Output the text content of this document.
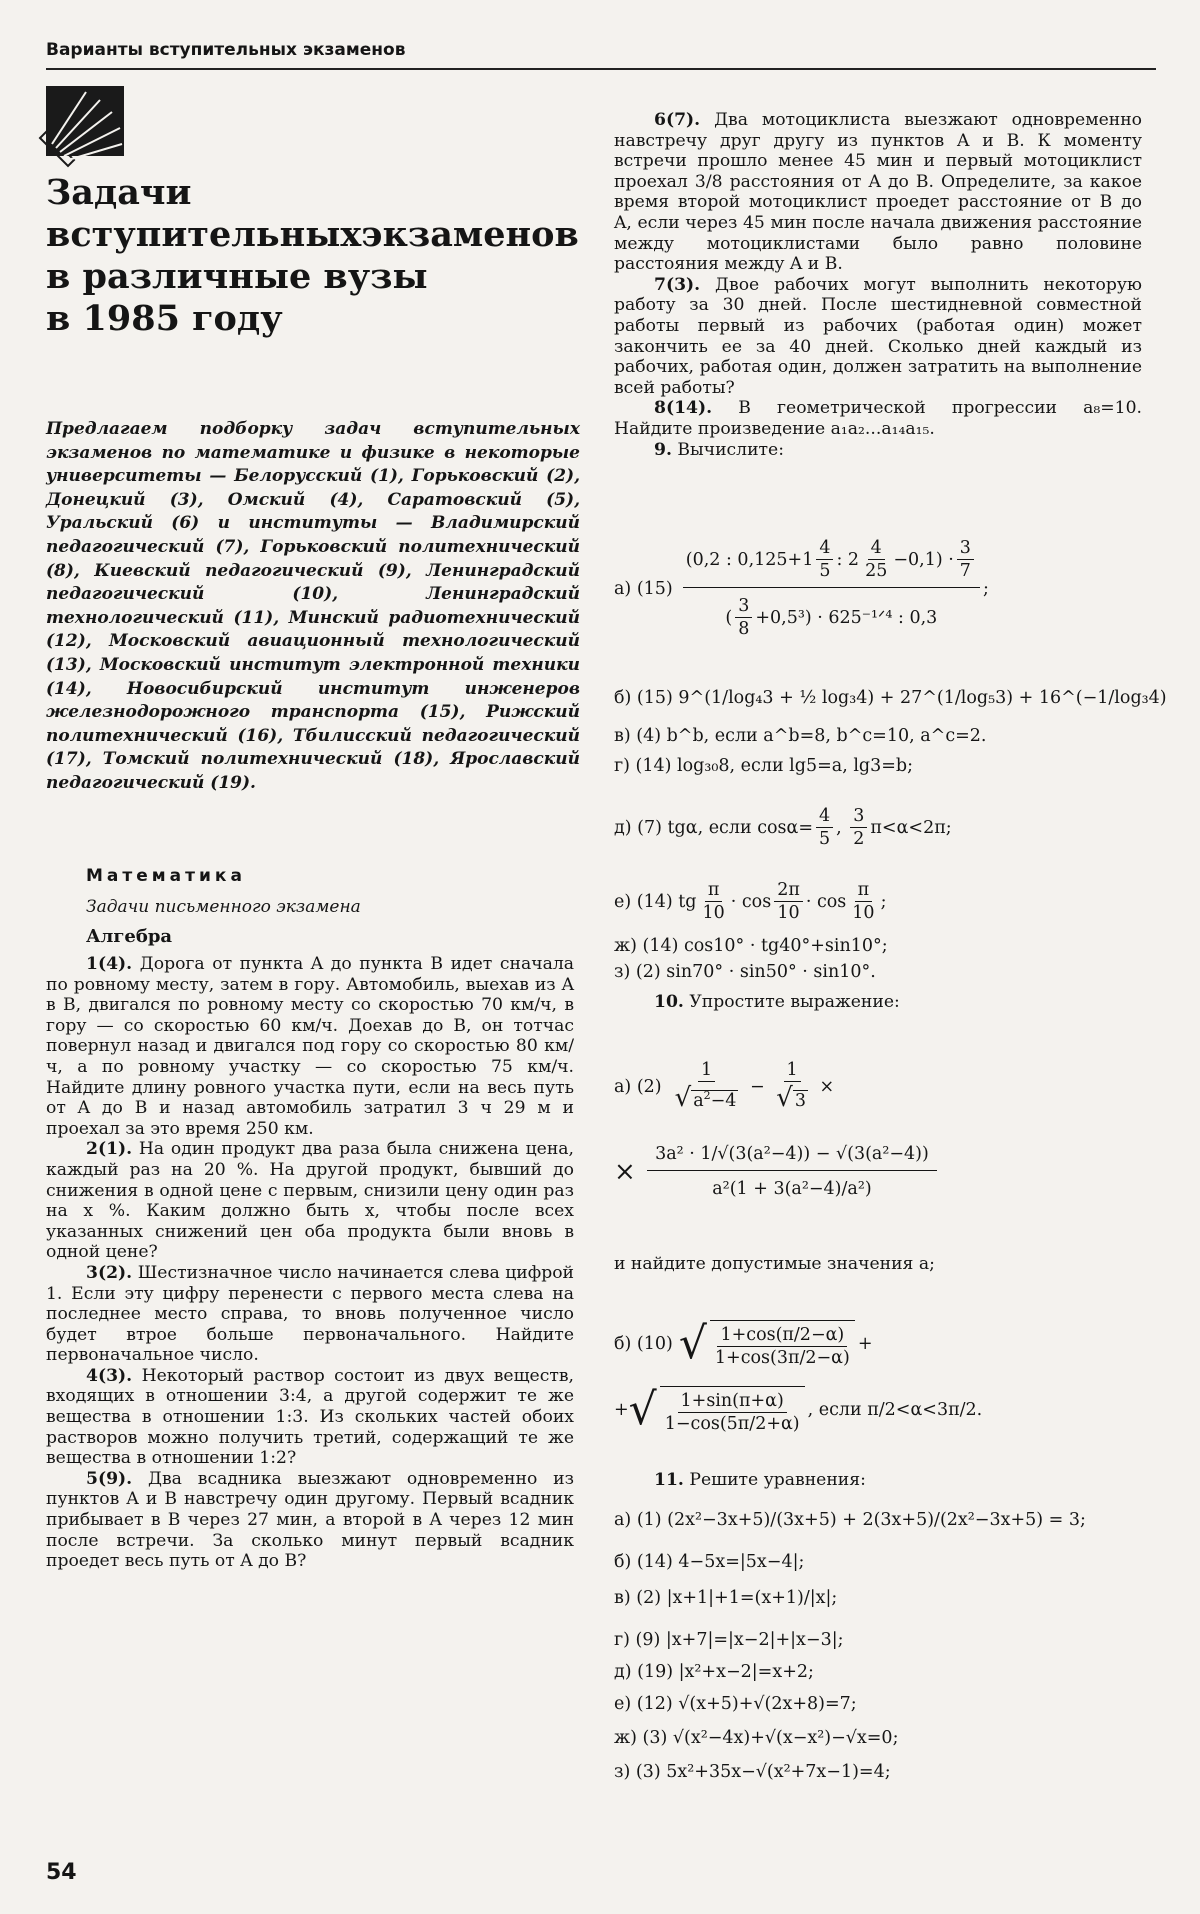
Варианты вступительных экзаменов
Задачи
вступительных экзаменов
в различные вузы
в 1985 году

Предлагаем подборку задач вступительных экзаменов по математике и физике в некоторые университеты — Белорусский (1), Горьковский (2), Донецкий (3), Омский (4), Саратовский (5), Уральский (6) и институты — Владимирский педагогический (7), Горьковский политехнический (8), Киевский педагогический (9), Ленинградский педагогический (10), Ленинградский технологический (11), Минский радиотехнический (12), Московский авиационный технологический (13), Московский институт электронной техники (14), Новосибирский институт инженеров железнодорожного транспорта (15), Рижский политехнический (16), Тбилисский педагогический (17), Томский политехнический (18), Ярославский педагогический (19).

Математика
Задачи письменного экзамена
Алгебра

1(4). Дорога от пункта A до пункта B идет сначала по ровному месту, затем в гору. Автомобиль, выехав из A в B, двигался по ровному месту со скоростью 70 км/ч, в гору — со скоростью 60 км/ч. Доехав до B, он тотчас повернул назад и двигался под гору со скоростью 80 км/ч, а по ровному участку — со скоростью 75 км/ч. Найдите длину ровного участка пути, если на весь путь от A до B и назад автомобиль затратил 3 ч 29 м и проехал за это время 250 км.

2(1). На один продукт два раза была снижена цена, каждый раз на 20 %. На другой продукт, бывший до снижения в одной цене с первым, снизили цену один раз на x %. Каким должно быть x, чтобы после всех указанных снижений цен оба продукта были вновь в одной цене?

3(2). Шестизначное число начинается слева цифрой 1. Если эту цифру перенести с первого места слева на последнее место справа, то вновь полученное число будет втрое больше первоначального. Найдите первоначальное число.

4(3). Некоторый раствор состоит из двух веществ, входящих в отношении 3:4, а другой содержит те же вещества в отношении 1:3. Из скольких частей обоих растворов можно получить третий, содержащий те же вещества в отношении 1:2?

5(9). Два всадника выезжают одновременно из пунктов A и B навстречу один другому. Первый всадник прибывает в B через 27 мин, а второй в A через 12 мин после встречи. За сколько минут первый всадник проедет весь путь от A до B?

6(7). Два мотоциклиста выезжают одновременно навстречу друг другу из пунктов A и B. К моменту встречи прошло менее 45 мин и первый мотоциклист проехал 3/8 расстояния от A до B. Определите, за какое время второй мотоциклист проедет расстояние от B до A, если через 45 мин после начала движения расстояние между мотоциклистами было равно половине расстояния между A и B.

7(3). Двое рабочих могут выполнить некоторую работу за 30 дней. После шестидневной совместной работы первый из рабочих (работая один) может закончить ее за 40 дней. Сколько дней каждый из рабочих, работая один, должен затратить на выполнение всей работы?

8(14). В геометрической прогрессии a₈=10. Найдите произведение a₁a₂...a₁₄a₁₅.

9. Вычислите:

а) (15)
(0,2 : $0,125+1 \frac{4}{5}$ : $2 \frac{4}{25} -0,1) \cdot \frac{3}{7}$
( $\frac{3}{8} +0,5^3$) · 625⁻¹ᐟ⁴ : 0,3
;
б) (15) 9^(1/log₄3 + ½ log₃4) + 27^(1/log₅3) + 16^(−1/log₃4)
в) (4) b^b, если a^b=8, b^c=10, a^c=2.
г) (14) log₃₀8, если lg5=a, lg3=b;
д) (7) tgα, если $\cos\alpha= \frac{4}{5}$ , $\frac{3}{2} \pi<\alpha<2\pi$;
е) (14) tg $\frac{\pi}{10} \cdot \cos \frac{2\pi}{10} \cdot \cos \frac{\pi}{10}$ ;
ж) (14) cos10° · tg40°+sin10°;
з) (2) sin70° · sin50° · sin10°.
10.
Упростите выражение:
а) $(2) \frac{1}{√ a^2-4} - \frac{1}{√ 3}$ ×
× $\frac{\text{3a² · 1/√(3(a²−4)) − √(3(a²−4))}}{\text{a²(1 + 3(a²−4)/a²)}}$
и найдите допустимые значения a;
б) (10) √ $\frac{1+\cos(\pi/2-\alpha)}{1+\cos(3\pi/2-\alpha)}$ +
+ √ $\frac{1+\sin(\pi+\alpha)}{1-\cos(5\pi/2+\alpha)}$ , если π/2<α<3π/2.
11.
Решите уравнения:
а) (1) (2x²−3x+5)/(3x+5) + 2(3x+5)/(2x²−3x+5) = 3;
б) (14) 4−5x=|5x−4|;
в) (2) |x+1|+1=(x+1)/|x|;
г) (9) |x+7|=|x−2|+|x−3|;
д) (19) |x²+x−2|=x+2;
е) (12) √(x+5)+√(2x+8)=7;
ж) (3) √(x²−4x)+√(x−x²)−√x=0;
з) (3) 5x²+35x−√(x²+7x−1)=4;
54
